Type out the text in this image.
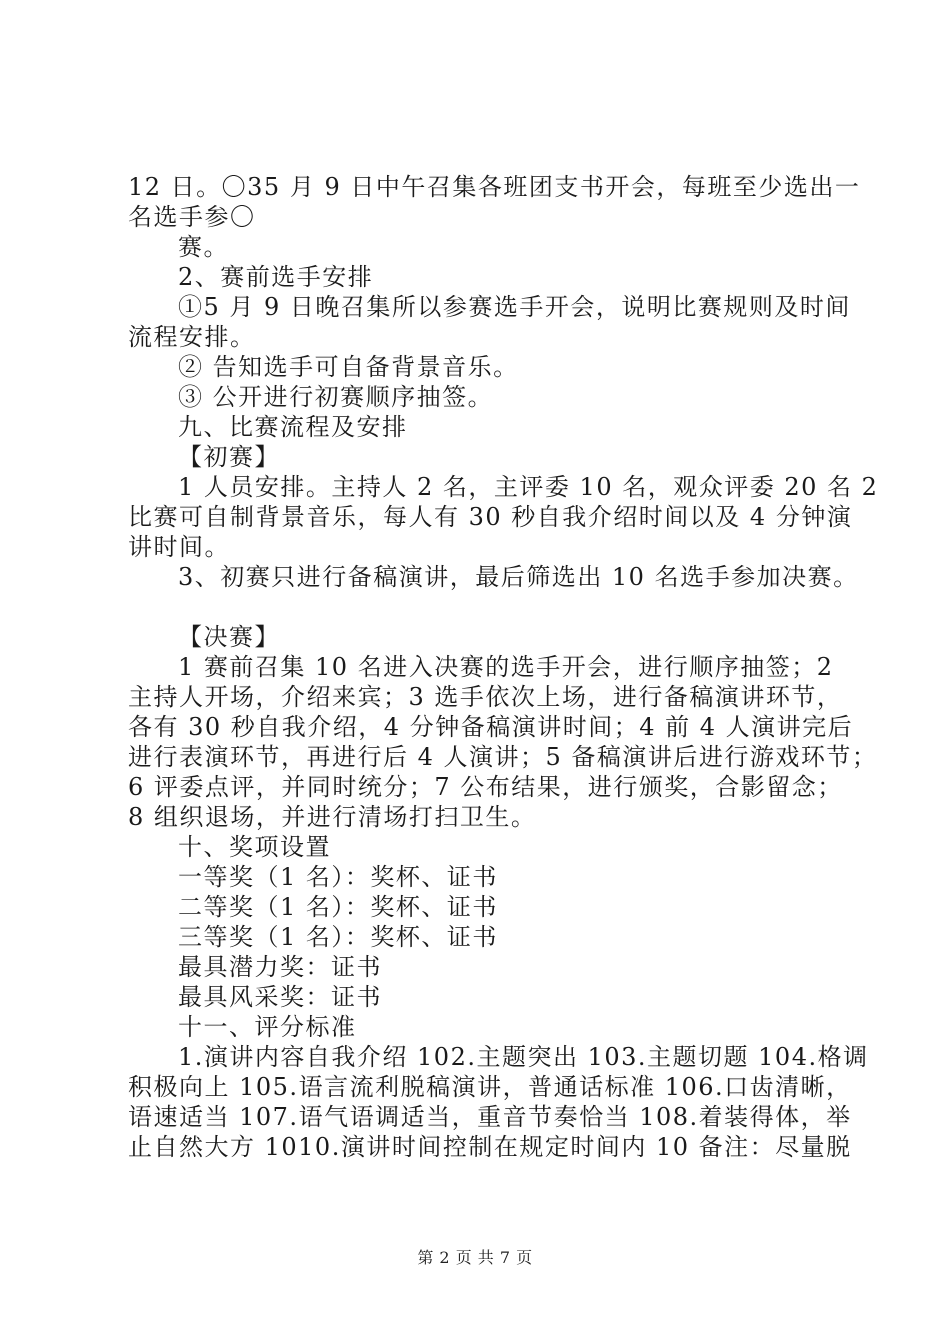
12 日。〇35 月 9 日中午召集各班团支书开会，每班至少选出一
名选手参〇
赛。
2、赛前选手安排
①5 月 9 日晚召集所以参赛选手开会，说明比赛规则及时间
流程安排。
② 告知选手可自备背景音乐。
③ 公开进行初赛顺序抽签。
九、比赛流程及安排
【初赛】
1 人员安排。主持人 2 名，主评委 10 名，观众评委 20 名 2
比赛可自制背景音乐，每人有 30 秒自我介绍时间以及 4 分钟演
讲时间。
3、初赛只进行备稿演讲，最后筛选出 10 名选手参加决赛。
【决赛】
1 赛前召集 10 名进入决赛的选手开会，进行顺序抽签；2
主持人开场，介绍来宾；3 选手依次上场，进行备稿演讲环节，
各有 30 秒自我介绍，4 分钟备稿演讲时间；4 前 4 人演讲完后
进行表演环节，再进行后 4 人演讲；5 备稿演讲后进行游戏环节；
6 评委点评，并同时统分；7 公布结果，进行颁奖，合影留念；
8 组织退场，并进行清场打扫卫生。
十、奖项设置
一等奖（1 名）：奖杯、证书
二等奖（1 名）：奖杯、证书
三等奖（1 名）：奖杯、证书
最具潜力奖：证书
最具风采奖：证书
十一、评分标准
1.演讲内容自我介绍 102.主题突出 103.主题切题 104.格调
积极向上 105.语言流利脱稿演讲，普通话标准 106.口齿清晰，
语速适当 107.语气语调适当，重音节奏恰当 108.着装得体，举
止自然大方 1010.演讲时间控制在规定时间内 10 备注：尽量脱
第 2 页 共 7 页
